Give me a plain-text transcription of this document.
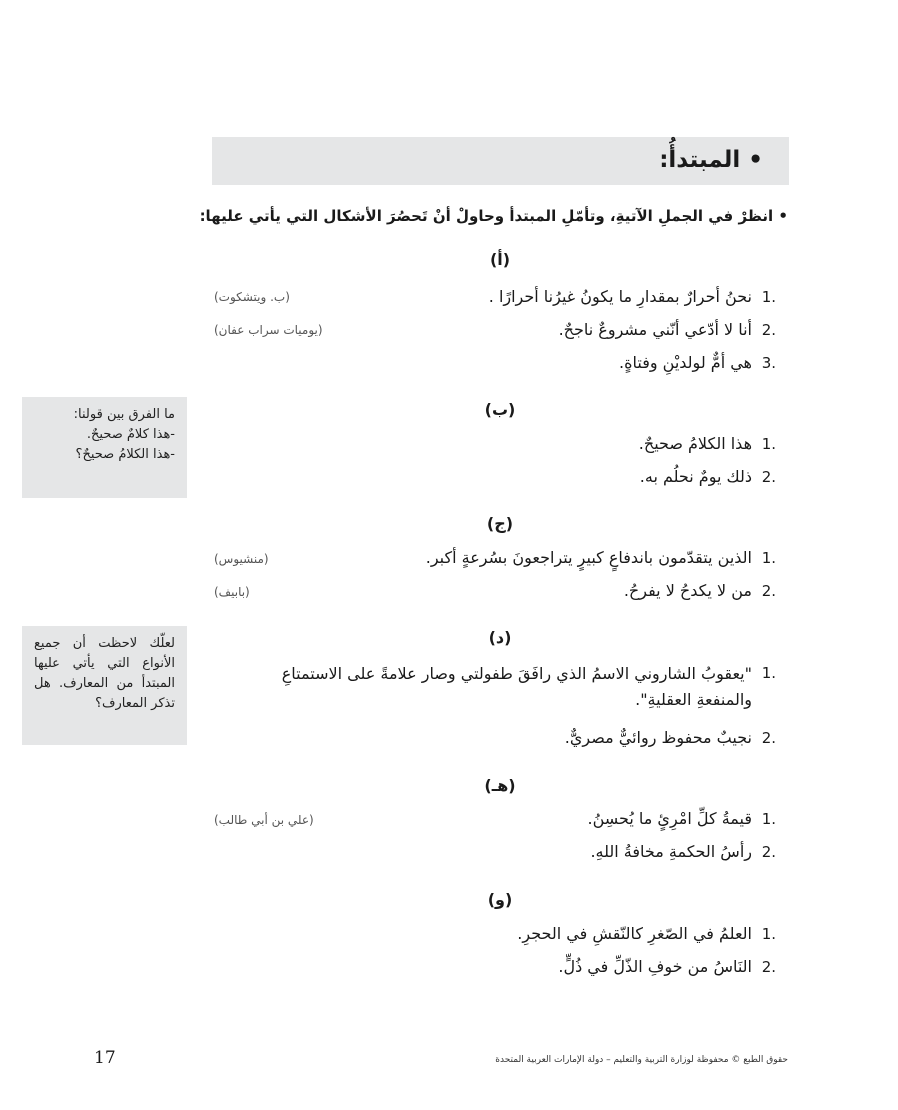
• المبتدأُ:
• انظرْ في الجملِ الآتيةِ، وتأمّلِ المبتدأ وحاولْ أنْ تَحصُرَ الأشكال التي يأتي عليها:
(أ)
نحنُ أحرارٌ بمقدارِ ما يكونُ غيرُنا أحرارًا . 1.
(ب. ويتشكوت)
أنا لا أدّعي أنّني مشروعٌ ناجحٌ. 2.
(يوميات سراب عفان)
هي أمٌّ لولديْنِ وفتاةٍ. 3.
(ب)
هذا الكلامُ صحيحٌ. 1.
ذلك يومٌ نحلُم به. 2.
ما الفرق بين قولنا:
-هذا كلامٌ صحيحٌ.
-هذا الكلامُ صحيحٌ؟
(ج)
الذين يتقدّمون باندفاعٍ كبيرٍ يتراجعونَ بسُرعةٍ أكبر. 1.
(منشيوس)
من لا يكدحُ لا يفرحُ. 2.
(بابيف)
(د)
"يعقوبُ الشاروني الاسمُ الذي رافَقَ طفولتي وصار علامةً على الاستمتاعِ والمنفعةِ العقليةِ".
1.
نجيبٌ محفوظ روائيٌّ مصريٌّ. 2.
لعلّك لاحظت أن جميع الأنواع التي يأتي عليها المبتدأ من المعارف. هل تذكر المعارف؟
(هـ)
قيمةُ كلِّ امْرِئٍ ما يُحسِنُ. 1.
(علي بن أبي طالب)
رأسُ الحكمةِ مخافةُ اللهِ. 2.
(و)
العلمُ في الصّغرِ كالنّقشِ في الحجرِ. 1.
النَاسُ من خوفِ الذّلِّ في ذُلٍّ. 2.
17	حقوق الطبع © محفوظة لوزارة التربية والتعليم – دولة الإمارات العربية المتحدة
